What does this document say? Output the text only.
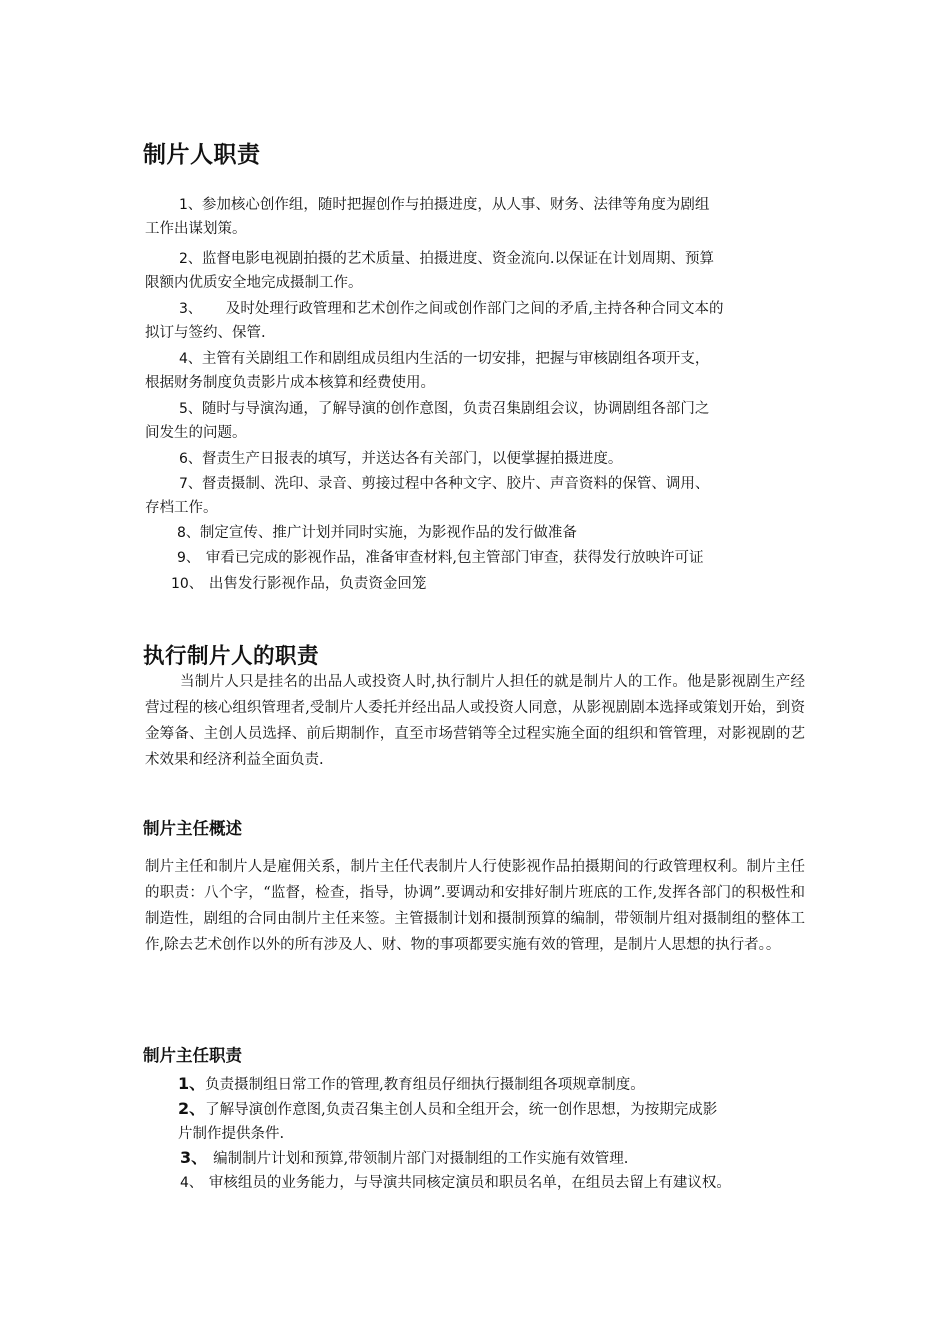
制片人职责
1、参加核心创作组，随时把握创作与拍摄进度，从人事、财务、法律等角度为剧组
工作出谋划策。
2、监督电影电视剧拍摄的艺术质量、拍摄进度、资金流向.以保证在计划周期、预算
限额内优质安全地完成摄制工作。
3、 及时处理行政管理和艺术创作之间或创作部门之间的矛盾,主持各种合同文本的
拟订与签约、保管.
4、主管有关剧组工作和剧组成员组内生活的一切安排，把握与审核剧组各项开支，
根据财务制度负责影片成本核算和经费使用。
5、随时与导演沟通，了解导演的创作意图，负责召集剧组会议，协调剧组各部门之
间发生的问题。
6、督责生产日报表的填写，并送达各有关部门，以便掌握拍摄进度。
7、督责摄制、洗印、录音、剪接过程中各种文字、胶片、声音资料的保管、调用、
存档工作。
8、制定宣传、推广计划并同时实施，为影视作品的发行做准备
9、 审看已完成的影视作品，准备审查材料,包主管部门审查，获得发行放映许可证
10、 出售发行影视作品，负责资金回笼
执行制片人的职责
当制片人只是挂名的出品人或投资人时,执行制片人担任的就是制片人的工作。他是影视剧生产经营过程的核心组织管理者,受制片人委托并经出品人或投资人同意，从影视剧剧本选择或策划开始，到资金筹备、主创人员选择、前后期制作，直至市场营销等全过程实施全面的组织和管管理，对影视剧的艺术效果和经济利益全面负责.
制片主任概述
制片主任和制片人是雇佣关系，制片主任代表制片人行使影视作品拍摄期间的行政管理权利。制片主任的职责：八个字，“监督，检查，指导，协调”.要调动和安排好制片班底的工作,发挥各部门的积极性和制造性，剧组的合同由制片主任来签。主管摄制计划和摄制预算的编制，带领制片组对摄制组的整体工作,除去艺术创作以外的所有涉及人、财、物的事项都要实施有效的管理，是制片人思想的执行者。。
制片主任职责
1、负责摄制组日常工作的管理,教育组员仔细执行摄制组各项规章制度。
2、了解导演创作意图,负责召集主创人员和全组开会，统一创作思想，为按期完成影
片制作提供条件.
3、 编制制片计划和预算,带领制片部门对摄制组的工作实施有效管理.
4、 审核组员的业务能力，与导演共同核定演员和职员名单，在组员去留上有建议权。
